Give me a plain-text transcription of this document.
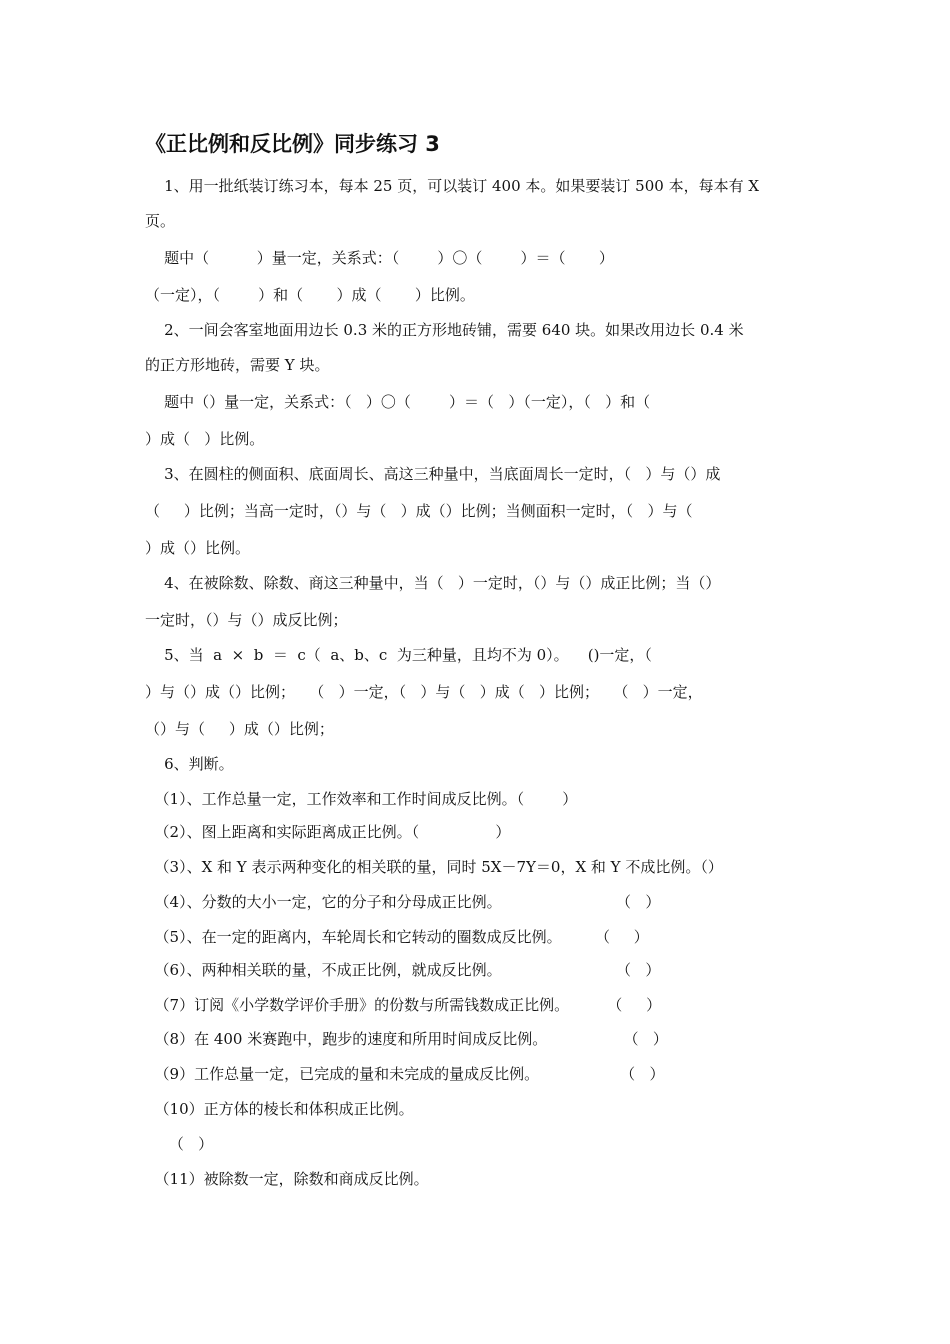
《正比例和反比例》同步练习 3
1、用一批纸装订练习本，每本 25 页，可以装订 400 本。如果要装订 500 本，每本有 X
页。
题中（          ）量一定，关系式：（        ）〇（        ）＝（       ）
（一定），（        ）和（       ）成（       ）比例。
2、一间会客室地面用边长 0.3 米的正方形地砖铺，需要 640 块。如果改用边长 0.4 米
的正方形地砖，需要 Y 块。
题中（）量一定，关系式：（   ）〇（        ）＝（   ）（一定），（   ）和（
）成（   ）比例。
3、在圆柱的侧面积、底面周长、高这三种量中，当底面周长一定时，（   ）与（）成
（     ）比例；当高一定时，（）与（   ）成（）比例；当侧面积一定时，（   ）与（
）成（）比例。
4、在被除数、除数、商这三种量中，当（   ）一定时，（）与（）成正比例；当（）
一定时，（）与（）成反比例；
5、当  a  ×  b  ＝  c（  a、b、c  为三种量，且均不为 0）。    ()一定，（
）与（）成（）比例；   （   ）一定，（   ）与（   ）成（   ）比例；   （   ）一定，
（）与（     ）成（）比例；
6、判断。
（1）、工作总量一定，工作效率和工作时间成反比例。（        ）
（2）、图上距离和实际距离成正比例。（                ）
（3）、X 和 Y 表示两种变化的相关联的量，同时 5X－7Y＝0，X 和 Y 不成比例。（）
（4）、分数的大小一定，它的分子和分母成正比例。                        （   ）
（5）、在一定的距离内，车轮周长和它转动的圈数成反比例。       （     ）
（6）、两种相关联的量，不成正比例，就成反比例。                        （   ）
（7）订阅《小学数学评价手册》的份数与所需钱数成正比例。        （     ）
（8）在 400 米赛跑中，跑步的速度和所用时间成反比例。                （   ）
（9）工作总量一定，已完成的量和未完成的量成反比例。                 （   ）
（10）正方体的棱长和体积成正比例。
（   ）
（11）被除数一定，除数和商成反比例。
